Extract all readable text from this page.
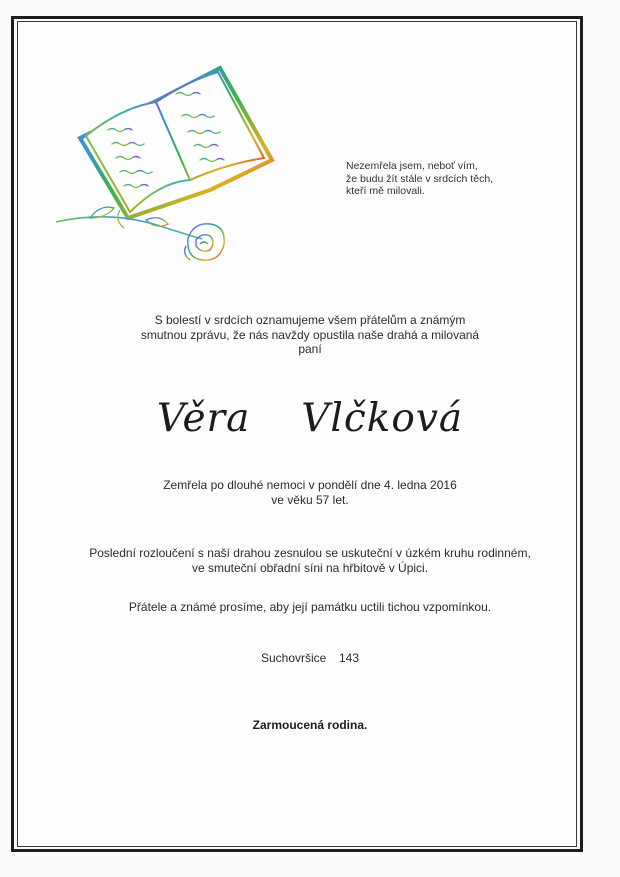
Nezemřela jsem, neboť vím,
že budu žít stále v srdcích těch,
kteří mě milovali.
S bolestí v srdcích oznamujeme všem přátelům a známým
smutnou zprávu, že nás navždy opustila naše drahá a milovaná
paní
Věra  Vlčková
Zemřela po dlouhé nemoci v pondělí dne 4. ledna 2016
ve věku 57 let.
Poslední rozloučení s naší drahou zesnulou se uskuteční v úzkém kruhu rodinném,
ve smuteční obřadní síni na hřbitově v Úpici.
Přátele a známé prosíme, aby její památku uctili tichou vzpomínkou.
Suchovršice  143
Zarmoucená rodina.
